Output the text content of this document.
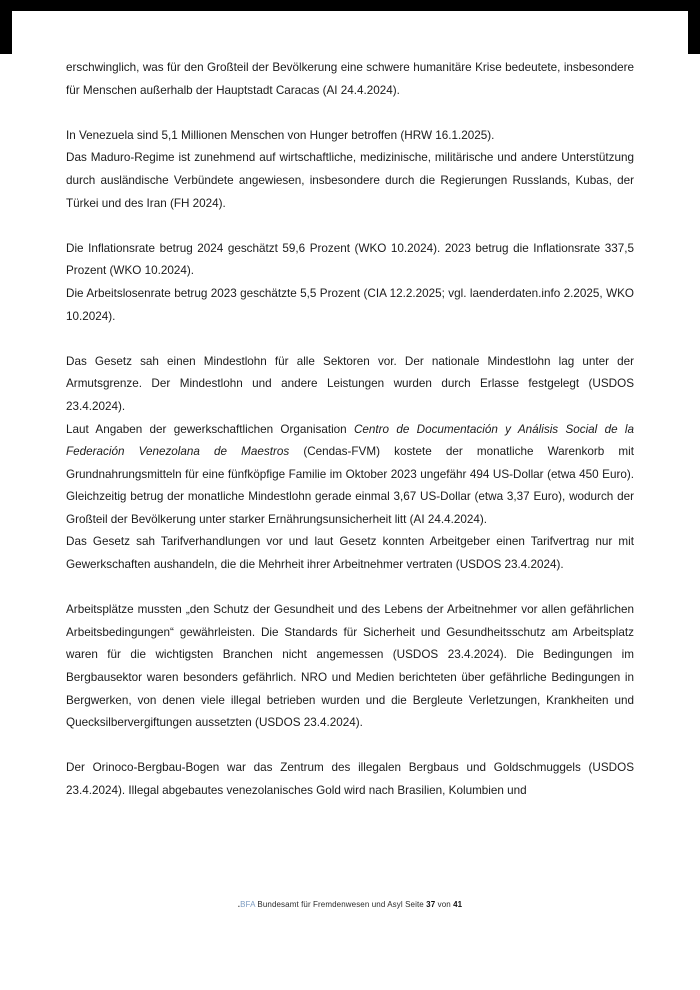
erschwinglich, was für den Großteil der Bevölkerung eine schwere humanitäre Krise bedeutete, insbesondere für Menschen außerhalb der Hauptstadt Caracas (AI 24.4.2024).

In Venezuela sind 5,1 Millionen Menschen von Hunger betroffen (HRW 16.1.2025).

Das Maduro-Regime ist zunehmend auf wirtschaftliche, medizinische, militärische und andere Unterstützung durch ausländische Verbündete angewiesen, insbesondere durch die Regierungen Russlands, Kubas, der Türkei und des Iran (FH 2024).

Die Inflationsrate betrug 2024 geschätzt 59,6 Prozent (WKO 10.2024). 2023 betrug die Inflationsrate 337,5 Prozent (WKO 10.2024).

Die Arbeitslosenrate betrug 2023 geschätzte 5,5 Prozent (CIA 12.2.2025; vgl. laenderdaten.info 2.2025, WKO 10.2024).

Das Gesetz sah einen Mindestlohn für alle Sektoren vor. Der nationale Mindestlohn lag unter der Armutsgrenze. Der Mindestlohn und andere Leistungen wurden durch Erlasse festgelegt (USDOS 23.4.2024).

Laut Angaben der gewerkschaftlichen Organisation Centro de Documentación y Análisis Social de la Federación Venezolana de Maestros (Cendas-FVM) kostete der monatliche Warenkorb mit Grundnahrungsmitteln für eine fünfköpfige Familie im Oktober 2023 ungefähr 494 US-Dollar (etwa 450 Euro). Gleichzeitig betrug der monatliche Mindestlohn gerade einmal 3,67 US-Dollar (etwa 3,37 Euro), wodurch der Großteil der Bevölkerung unter starker Ernährungsunsicherheit litt (AI 24.4.2024).

Das Gesetz sah Tarifverhandlungen vor und laut Gesetz konnten Arbeitgeber einen Tarifvertrag nur mit Gewerkschaften aushandeln, die die Mehrheit ihrer Arbeitnehmer vertraten (USDOS 23.4.2024).

Arbeitsplätze mussten „den Schutz der Gesundheit und des Lebens der Arbeitnehmer vor allen gefährlichen Arbeitsbedingungen“ gewährleisten. Die Standards für Sicherheit und Gesundheitsschutz am Arbeitsplatz waren für die wichtigsten Branchen nicht angemessen (USDOS 23.4.2024). Die Bedingungen im Bergbausektor waren besonders gefährlich. NRO und Medien berichteten über gefährliche Bedingungen in Bergwerken, von denen viele illegal betrieben wurden und die Bergleute Verletzungen, Krankheiten und Quecksilbervergiftungen aussetzten (USDOS 23.4.2024).

Der Orinoco-Bergbau-Bogen war das Zentrum des illegalen Bergbaus und Goldschmuggels (USDOS 23.4.2024). Illegal abgebautes venezolanisches Gold wird nach Brasilien, Kolumbien und

.BFA Bundesamt für Fremdenwesen und Asyl Seite 37 von 41
